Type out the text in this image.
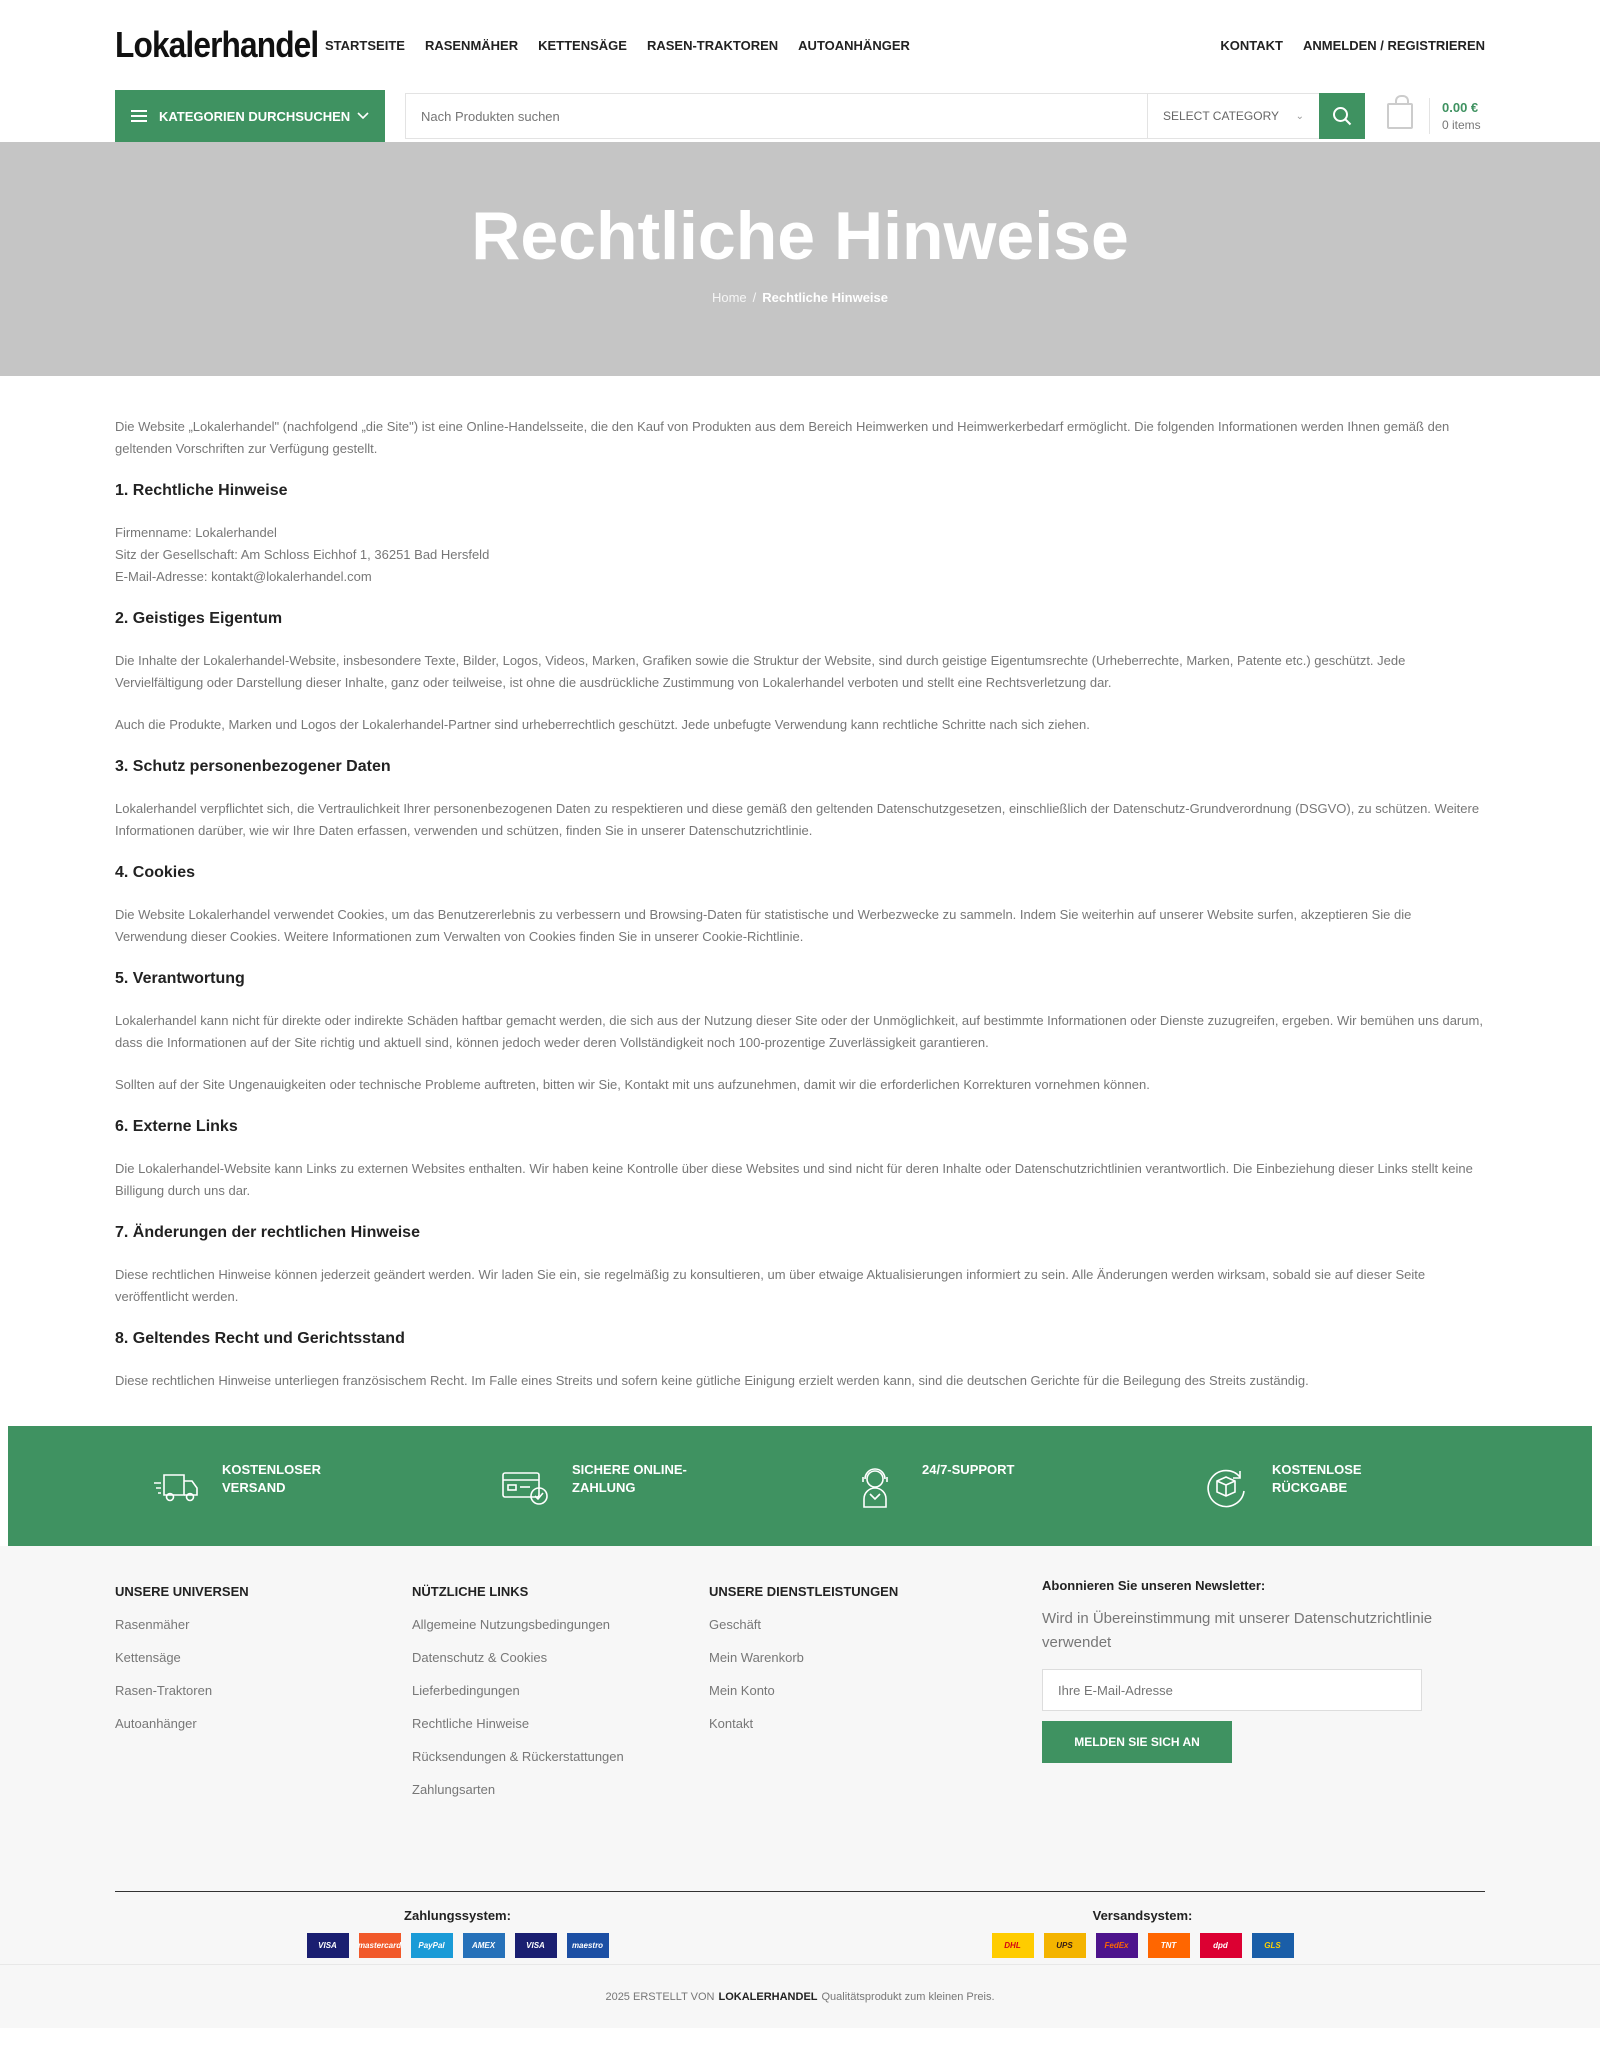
Lokalerhandel STARTSEITE RASENMÄHER KETTENSÄGE RASEN-TRAKTOREN AUTOANHÄNGER	KONTAKT ANMELDEN / REGISTRIEREN
KATEGORIEN DURCHSUCHEN
Nach Produkten suchen	SELECT CATEGORY ⌄
0.00 €
0 items
Rechtliche Hinweise
Home / Rechtliche Hinweise

Die Website „Lokalerhandel" (nachfolgend „die Site") ist eine Online-Handelsseite, die den Kauf von Produkten aus dem Bereich Heimwerken und Heimwerkerbedarf ermöglicht. Die folgenden Informationen werden Ihnen gemäß den geltenden Vorschriften zur Verfügung gestellt.

1. Rechtliche Hinweise

Firmenname: Lokalerhandel

Sitz der Gesellschaft: Am Schloss Eichhof 1, 36251 Bad Hersfeld

E-Mail-Adresse: kontakt@lokalerhandel.com

2. Geistiges Eigentum

Die Inhalte der Lokalerhandel-Website, insbesondere Texte, Bilder, Logos, Videos, Marken, Grafiken sowie die Struktur der Website, sind durch geistige Eigentumsrechte (Urheberrechte, Marken, Patente etc.) geschützt. Jede Vervielfältigung oder Darstellung dieser Inhalte, ganz oder teilweise, ist ohne die ausdrückliche Zustimmung von Lokalerhandel verboten und stellt eine Rechtsverletzung dar.

Auch die Produkte, Marken und Logos der Lokalerhandel-Partner sind urheberrechtlich geschützt. Jede unbefugte Verwendung kann rechtliche Schritte nach sich ziehen.

3. Schutz personenbezogener Daten

Lokalerhandel verpflichtet sich, die Vertraulichkeit Ihrer personenbezogenen Daten zu respektieren und diese gemäß den geltenden Datenschutzgesetzen, einschließlich der Datenschutz-Grundverordnung (DSGVO), zu schützen. Weitere Informationen darüber, wie wir Ihre Daten erfassen, verwenden und schützen, finden Sie in unserer Datenschutzrichtlinie.

4. Cookies

Die Website Lokalerhandel verwendet Cookies, um das Benutzererlebnis zu verbessern und Browsing-Daten für statistische und Werbezwecke zu sammeln. Indem Sie weiterhin auf unserer Website surfen, akzeptieren Sie die Verwendung dieser Cookies. Weitere Informationen zum Verwalten von Cookies finden Sie in unserer Cookie-Richtlinie.

5. Verantwortung

Lokalerhandel kann nicht für direkte oder indirekte Schäden haftbar gemacht werden, die sich aus der Nutzung dieser Site oder der Unmöglichkeit, auf bestimmte Informationen oder Dienste zuzugreifen, ergeben. Wir bemühen uns darum, dass die Informationen auf der Site richtig und aktuell sind, können jedoch weder deren Vollständigkeit noch 100-prozentige Zuverlässigkeit garantieren.

Sollten auf der Site Ungenauigkeiten oder technische Probleme auftreten, bitten wir Sie, Kontakt mit uns aufzunehmen, damit wir die erforderlichen Korrekturen vornehmen können.

6. Externe Links

Die Lokalerhandel-Website kann Links zu externen Websites enthalten. Wir haben keine Kontrolle über diese Websites und sind nicht für deren Inhalte oder Datenschutzrichtlinien verantwortlich. Die Einbeziehung dieser Links stellt keine Billigung durch uns dar.

7. Änderungen der rechtlichen Hinweise

Diese rechtlichen Hinweise können jederzeit geändert werden. Wir laden Sie ein, sie regelmäßig zu konsultieren, um über etwaige Aktualisierungen informiert zu sein. Alle Änderungen werden wirksam, sobald sie auf dieser Seite veröffentlicht werden.

8. Geltendes Recht und Gerichtsstand

Diese rechtlichen Hinweise unterliegen französischem Recht. Im Falle eines Streits und sofern keine gütliche Einigung erzielt werden kann, sind die deutschen Gerichte für die Beilegung des Streits zuständig.

KOSTENLOSER VERSAND
SICHERE ONLINE-ZAHLUNG
24/7-SUPPORT	KOSTENLOSE RÜCKGABE
UNSERE UNIVERSEN
Rasenmäher
Kettensäge
Rasen-Traktoren
Autoanhänger
NÜTZLICHE LINKS
Allgemeine Nutzungsbedingungen
Datenschutz & Cookies
Lieferbedingungen
Rechtliche Hinweise
Rücksendungen & Rückerstattungen
Zahlungsarten
UNSERE DIENSTLEISTUNGEN
Geschäft
Mein Warenkorb
Mein Konto
Kontakt
Abonnieren Sie unseren Newsletter:

Wird in Übereinstimmung mit unserer Datenschutzrichtlinie verwendet

Ihre E-Mail-Adresse
MELDEN SIE SICH AN
Zahlungssystem:
VISA	mastercard	PayPal	AMEX	VISA	maestro
Versandsystem:
DHL	UPS	FedEx	TNT	dpd	GLS
2025 ERSTELLT VON LOKALERHANDEL Qualitätsprodukt zum kleinen Preis.
